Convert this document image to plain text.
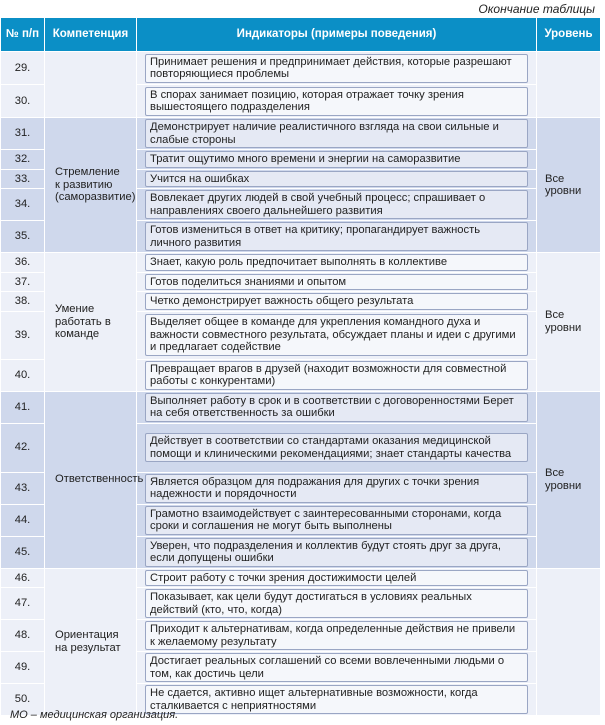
Окончание таблицы
№ п/п	Компетенция	Индикаторы (примеры поведения)	Уровень
29.		Принимает решения и предпринимает действия, которые разрешают повторяющиеся проблемы	

30.		В спорах занимает позицию, которая отражает точку зрения вышестоящего подразделения	

31.	Стремление к развитию (саморазвитие)	Демонстрирует наличие реалистичного взгляда на свои сильные и слабые стороны	Все уровни
32.		Тратит ощутимо много времени и энергии на саморазвитие	

33.		Учится на ошибках	

34.		Вовлекает других людей в свой учебный процесс; спрашивает о направлениях своего дальнейшего развития	

35.		Готов измениться в ответ на критику; пропагандирует важность личного развития	

36.	Умение работать в команде	Знает, какую роль предпочитает выполнять в коллективе	Все уровни
37.		Готов поделиться знаниями и опытом	

38.		Четко демонстрирует важность общего результата	

39.		Выделяет общее в команде для укрепления командного духа и важности совместного результата, обсуждает планы и идеи с другими и предлагает содействие	

40.		Превращает врагов в друзей (находит возможности для совместной работы с конкурентами)	

41.	Ответственность	Выполняет работу в срок и в соответствии с договоренностями Берет на себя ответственность за ошибки	Все уровни
42.		Действует в соответствии со стандартами оказания медицинской помощи и клиническими рекомендациями; знает стандарты качества	

43.		Является образцом для подражания для других с точки зрения надежности и порядочности	

44.		Грамотно взаимодействует с заинтересованными сторонами, когда сроки и соглашения не могут быть выполнены	

45.		Уверен, что подразделения и коллектив будут стоять друг за друга, если допущены ошибки	

46.	Ориентация на результат	Строит работу с точки зрения достижимости целей	

47.		Показывает, как цели будут достигаться в условиях реальных действий (кто, что, когда)	

48.		Приходит к альтернативам, когда определенные действия не привели к желаемому результату	

49.		Достигает реальных соглашений со всеми вовлеченными людьми о том, как достичь цели	

50.		Не сдается, активно ищет альтернативные возможности, когда сталкивается с неприятностями	
МО – медицинская организация.
